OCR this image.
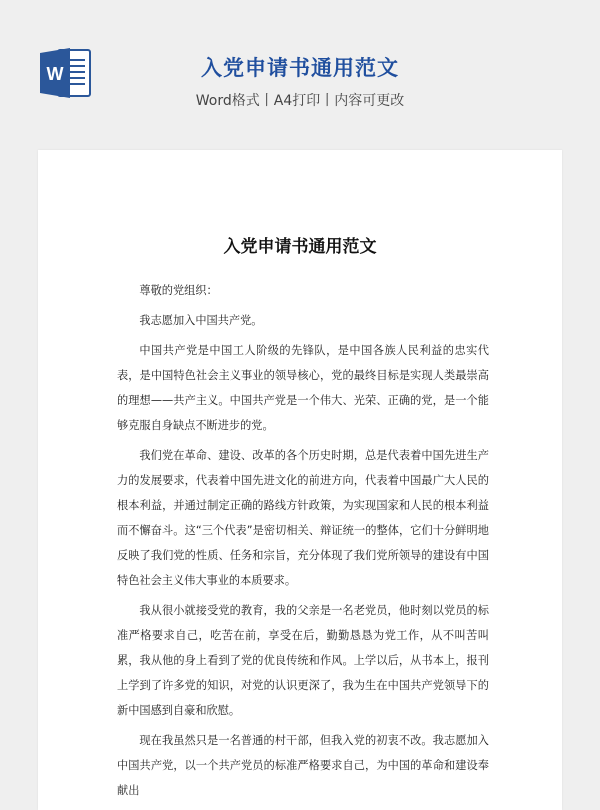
W	入党申请书通用范文
Word格式丨A4打印丨内容可更改
入党申请书通用范文

尊敬的党组织：

我志愿加入中国共产党。

中国共产党是中国工人阶级的先锋队，是中国各族人民利益的忠实代表，是中国特色社会主义事业的领导核心，党的最终目标是实现人类最崇高的理想——共产主义。中国共产党是一个伟大、光荣、正确的党，是一个能够克服自身缺点不断进步的党。

我们党在革命、建设、改革的各个历史时期，总是代表着中国先进生产力的发展要求，代表着中国先进文化的前进方向，代表着中国最广大人民的根本利益，并通过制定正确的路线方针政策，为实现国家和人民的根本利益而不懈奋斗。这“三个代表”是密切相关、辩证统一的整体，它们十分鲜明地反映了我们党的性质、任务和宗旨，充分体现了我们党所领导的建设有中国特色社会主义伟大事业的本质要求。

我从很小就接受党的教育，我的父亲是一名老党员，他时刻以党员的标准严格要求自己，吃苦在前，享受在后，勤勤恳恳为党工作，从不叫苦叫累，我从他的身上看到了党的优良传统和作风。上学以后，从书本上，报刊上学到了许多党的知识，对党的认识更深了，我为生在中国共产党领导下的新中国感到自豪和欣慰。

现在我虽然只是一名普通的村干部，但我入党的初衷不改。我志愿加入中国共产党，以一个共产党员的标准严格要求自己，为中国的革命和建设奉献出
